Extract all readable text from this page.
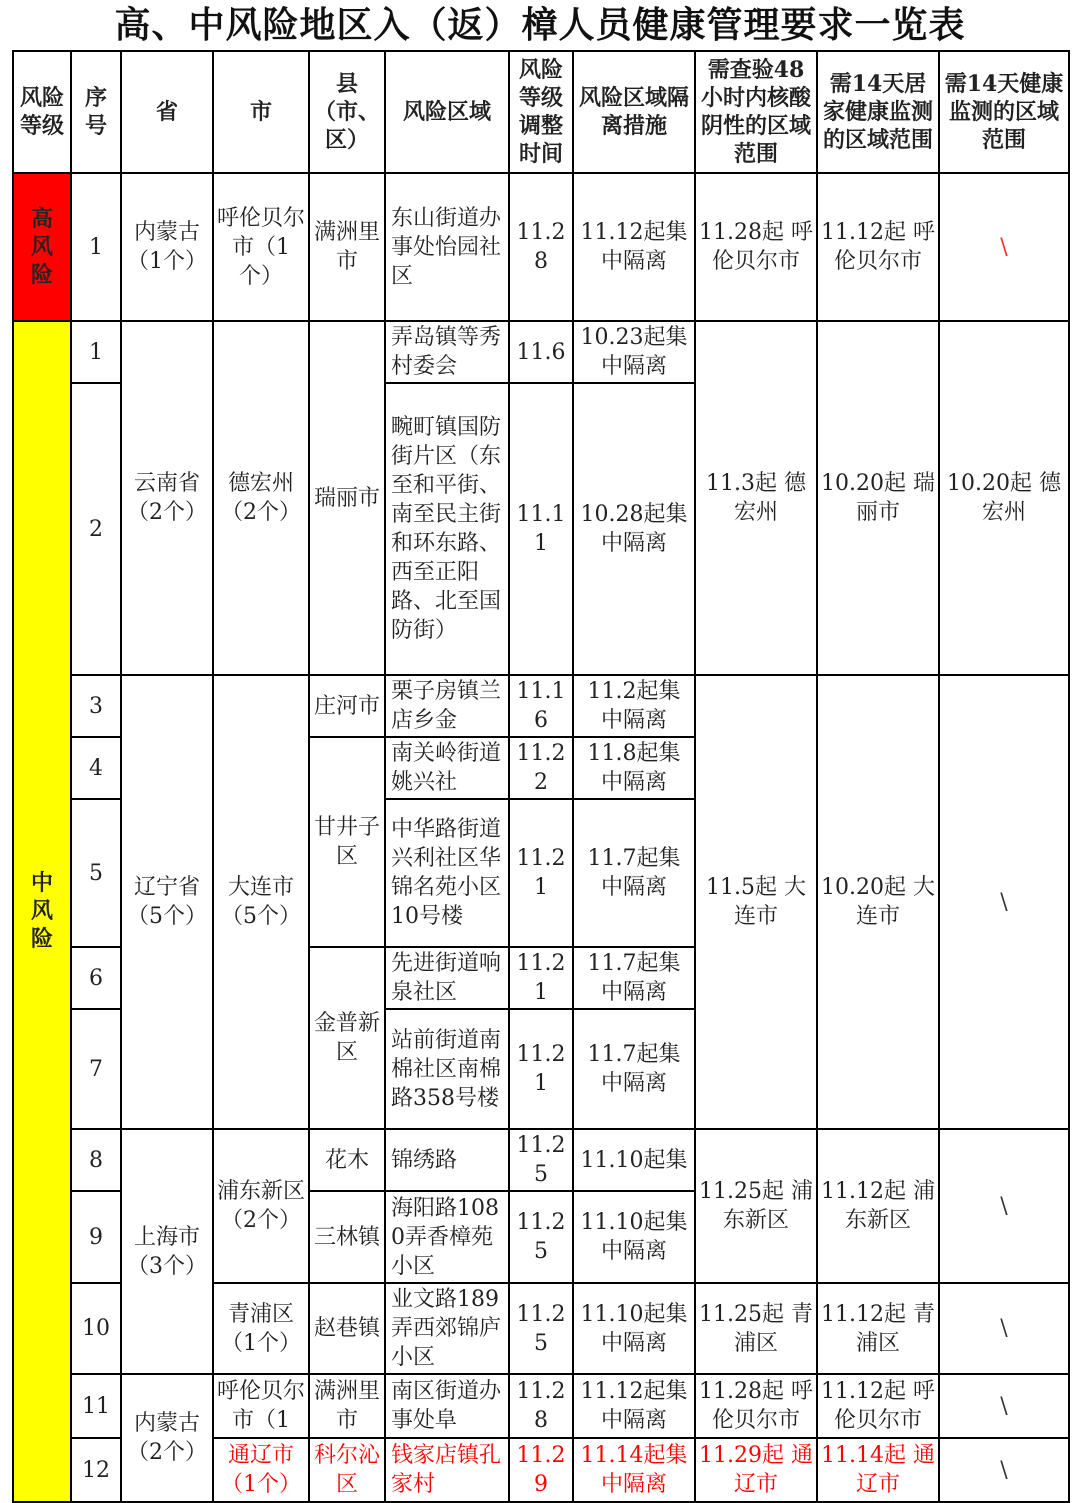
高、中风险地区入（返）樟人员健康管理要求一览表
风险等级	序号	省	市	县（市、区）	风险区域	风险等级调整时间	风险区域隔离措施	需查验48小时内核酸阴性的区域范围	需14天居家健康监测的区域范围	需14天健康监测的区域范围
高风险	1	内蒙古（1个）	呼伦贝尔市（1个）	满洲里市	东山街道办事处怡园社区	11.28	11.12起集中隔离	11.28起 呼伦贝尔市	11.12起 呼伦贝尔市	\
中风险	1	云南省（2个）	德宏州（2个）	瑞丽市	弄岛镇等秀村委会	11.6	10.23起集中隔离	11.3起 德宏州	10.20起 瑞丽市	10.20起 德宏州
	2				畹町镇国防街片区（东至和平街、南至民主街和环东路、西至正阳路、北至国防街）	11.11	10.28起集中隔离			
	3	辽宁省（5个）	大连市（5个）	庄河市	栗子房镇兰店乡金	11.16	11.2起集中隔离	11.5起 大连市	10.20起 大连市	\
	4			甘井子区	南关岭街道姚兴社	11.22	11.8起集中隔离			
	5				中华路街道兴利社区华锦名苑小区10号楼	11.21	11.7起集中隔离			
	6			金普新区	先进街道响泉社区	11.21	11.7起集中隔离			
	7				站前街道南棉社区南棉路358号楼	11.21	11.7起集中隔离			
	8	上海市（3个）	浦东新区（2个）	花木	锦绣路	11.25	11.10起集	11.25起 浦东新区	11.12起 浦东新区	\
	9			三林镇	海阳路1080弄香樟苑小区	11.25	11.10起集中隔离			
	10		青浦区（1个）	赵巷镇	业文路189弄西郊锦庐小区	11.25	11.10起集中隔离	11.25起 青浦区	11.12起 青浦区	\
	11	内蒙古（2个）	呼伦贝尔市（1	满洲里市	南区街道办事处阜	11.28	11.12起集中隔离	11.28起 呼伦贝尔市	11.12起 呼伦贝尔市	\
	12		通辽市（1个）	科尔沁区	钱家店镇孔家村	11.29	11.14起集中隔离	11.29起 通辽市	11.14起 通辽市	\
